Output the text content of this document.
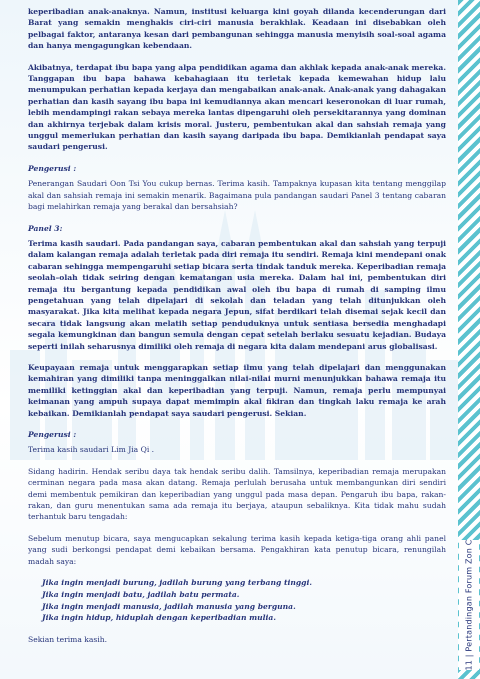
11 | Pertandingan Forum Zon C

keperibadian anak-anaknya. Namun, institusi keluarga kini goyah dilanda kecenderungan dari Barat yang semakin menghakis ciri-ciri manusia berakhlak. Keadaan ini disebabkan oleh pelbagai faktor, antaranya kesan dari pembangunan sehingga manusia menyisih soal-soal agama dan hanya mengagungkan kebendaan.

Akibatnya, terdapat ibu bapa yang alpa pendidikan agama dan akhlak kepada anak-anak mereka. Tanggapan ibu bapa bahawa kebahagiaan itu terletak kepada kemewahan hidup lalu menumpukan perhatian kepada kerjaya dan mengabaikan anak-anak. Anak-anak yang dahagakan perhatian dan kasih sayang ibu bapa ini kemudiannya akan mencari keseronokan di luar rumah, lebih mendampingi rakan sebaya mereka lantas dipengaruhi oleh persekitarannya yang dominan dan akhirnya terjebak dalam krisis moral. Justeru, pembentukan akal dan sahsiah remaja yang unggul memerlukan perhatian dan kasih sayang daripada ibu bapa. Demikianlah pendapat saya saudari pengerusi.

Pengerusi :

Penerangan Saudari Oon Tsi You cukup bernas. Terima kasih. Tampaknya kupasan kita tentang menggilap akal dan sahsiah remaja ini semakin menarik. Bagaimana pula pandangan saudari Panel 3 tentang cabaran bagi melahirkan remaja yang berakal dan bersahsiah?

Panel 3:

Terima kasih saudari. Pada pandangan saya, cabaran pembentukan akal dan sahsiah yang terpuji dalam kalangan remaja adalah terletak pada diri remaja itu sendiri. Remaja kini mendepani onak cabaran sehingga mempengaruhi setiap bicara serta tindak tanduk mereka. Keperibadian remaja seolah–olah tidak seiring dengan kematangan usia mereka. Dalam hal ini, pembentukan diri remaja itu bergantung kepada pendidikan awal oleh ibu bapa di rumah di samping ilmu pengetahuan yang telah dipelajari di sekolah dan teladan yang telah ditunjukkan oleh masyarakat. Jika kita melihat kepada negara Jepun, sifat berdikari telah disemai sejak kecil dan secara tidak langsung akan melatih setiap penduduknya untuk sentiasa bersedia menghadapi segala kemungkinan dan bangun semula dengan cepat setelah berlaku sesuatu kejadian. Budaya seperti inilah seharusnya dimiliki oleh remaja di negara kita dalam mendepani arus globalisasi.

Keupayaan remaja untuk menggarapkan setiap ilmu yang telah dipelajari dan menggunakan kemahiran yang dimiliki tanpa meninggalkan nilai-nilai murni menunjukkan bahawa remaja itu memiliki ketinggian akal dan keperibadian yang terpuji. Namun, remaja perlu mempunyai keimanan yang ampuh supaya dapat memimpin akal fikiran dan tingkah laku remaja ke arah kebaikan. Demikianlah pendapat saya saudari pengerusi. Sekian.

Pengerusi :

Terima kasih saudari Lim Jia Qi .

Sidang hadirin. Hendak seribu daya tak hendak seribu dalih. Tamsilnya, keperibadian remaja merupakan cerminan negara pada masa akan datang. Remaja perlulah berusaha untuk membangunkan diri sendiri demi membentuk pemikiran dan keperibadian yang unggul pada masa depan. Pengaruh ibu bapa, rakan-rakan, dan guru menentukan sama ada remaja itu berjaya, ataupun sebaliknya. Kita tidak mahu sudah terhantuk baru tengadah:

Sebelum menutup bicara, saya mengucapkan sekalung terima kasih kepada ketiga-tiga orang ahli panel yang sudi berkongsi pendapat demi kebaikan bersama. Pengakhiran kata penutup bicara, renungilah madah saya:

Jika ingin menjadi burung, jadilah burung yang terbang tinggi.

Jika ingin menjadi batu, jadilah batu permata.

Jika ingin menjadi manusia, jadilah manusia yang berguna.

Jika ingin hidup, hiduplah dengan keperibadian mulia.

Sekian terima kasih.
